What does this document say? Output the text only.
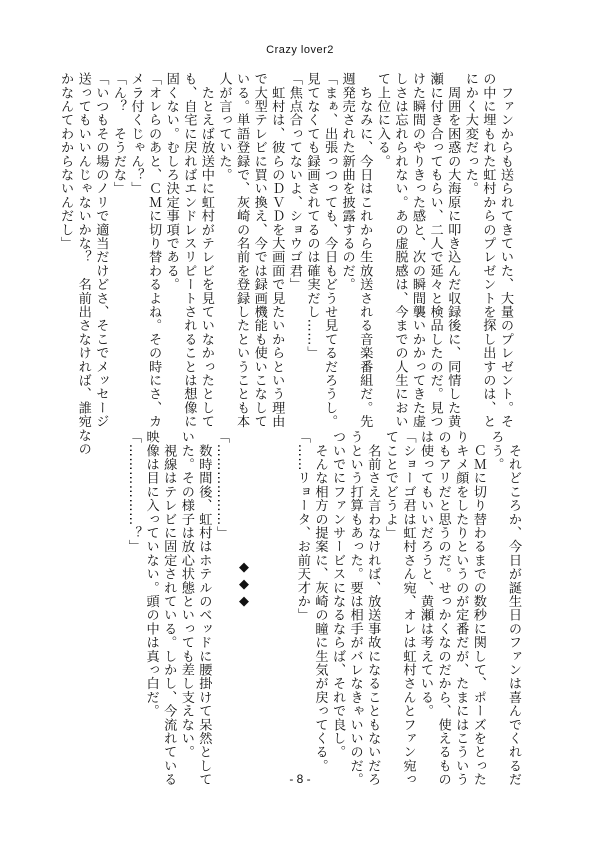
Crazy lover2

　ファンからも送られてきていた、大量のプレゼント。そ

の中に埋もれた虹村からのプレゼントを探し出すのは、と

にかく大変だった。

　周囲を困惑の大海原に叩き込んだ収録後に、同情した黄

瀬に付き合ってもらい、二人で延々と検品したのだ。見つ

けた瞬間のやりきった感と、次の瞬間襲いかかってきた虚

しさは忘れられない。あの虚脱感は、今までの人生におい

て上位に入る。

　ちなみに、今日はこれから生放送される音楽番組だ。先

週発売された新曲を披露するのだ。

「まぁ、出張っつっても、今日もどうせ見てるだろうし。

見てなくても録画されてるのは確実だし……」

「焦点合ってないよ、ショウゴ君」

　虹村は、彼らのＤＶＤを大画面で見たいからという理由

で大型テレビに買い換え、今では録画機能も使いこなして

いる。単語登録で、灰崎の名前を登録したということも本

人が言っていた。

　たとえば放送中に虹村がテレビを見ていなかったとして

も、自宅に戻ればエンドレスリピートされることは想像に

固くない。むしろ決定事項である。

「オレらのあと、ＣＭに切り替わるよね。その時にさ、カ

メラ付くじゃん？」

「ん？　そうだな」

「いつもその場のノリで適当だけどさ、そこでメッセージ

送ってもいいんじゃないかな？　名前出さなければ、誰宛なの

かなんてわからないんだし」

　それどころか、今日が誕生日のファンは喜んでくれるだ

ろう。

　ＣＭに切り替わるまでの数秒に関して、ポーズをとった

りキメ顔をしたりというのが定番だが、たまにはこういう

のもアリだと思うのだ。せっかくなのだから、使えるもの

は使ってもいいだろうと、黄瀬は考えている。

「ショーゴ君は虹村さん宛、オレは虹村さんとファン宛っ

てことでどうよ」

　名前さえ言わなければ、放送事故になることもないだろ

うという打算もあった。要は相手がバレなきゃいいのだ。

ついでにファンサービスになるならば、それで良し。

　そんな相方の提案に、灰崎の瞳に生気が戻ってくる。

「……リョータ、お前天才か」

◆
◆
◆

「………………」

　数時間後、虹村はホテルのベッドに腰掛けて呆然として

いた。その様子は放心状態といっても差し支えない。

　視線はテレビに固定されている。しかし、今流れている

映像は目に入っていない。頭の中は真っ白だ。

「………………？」

- 8 -
